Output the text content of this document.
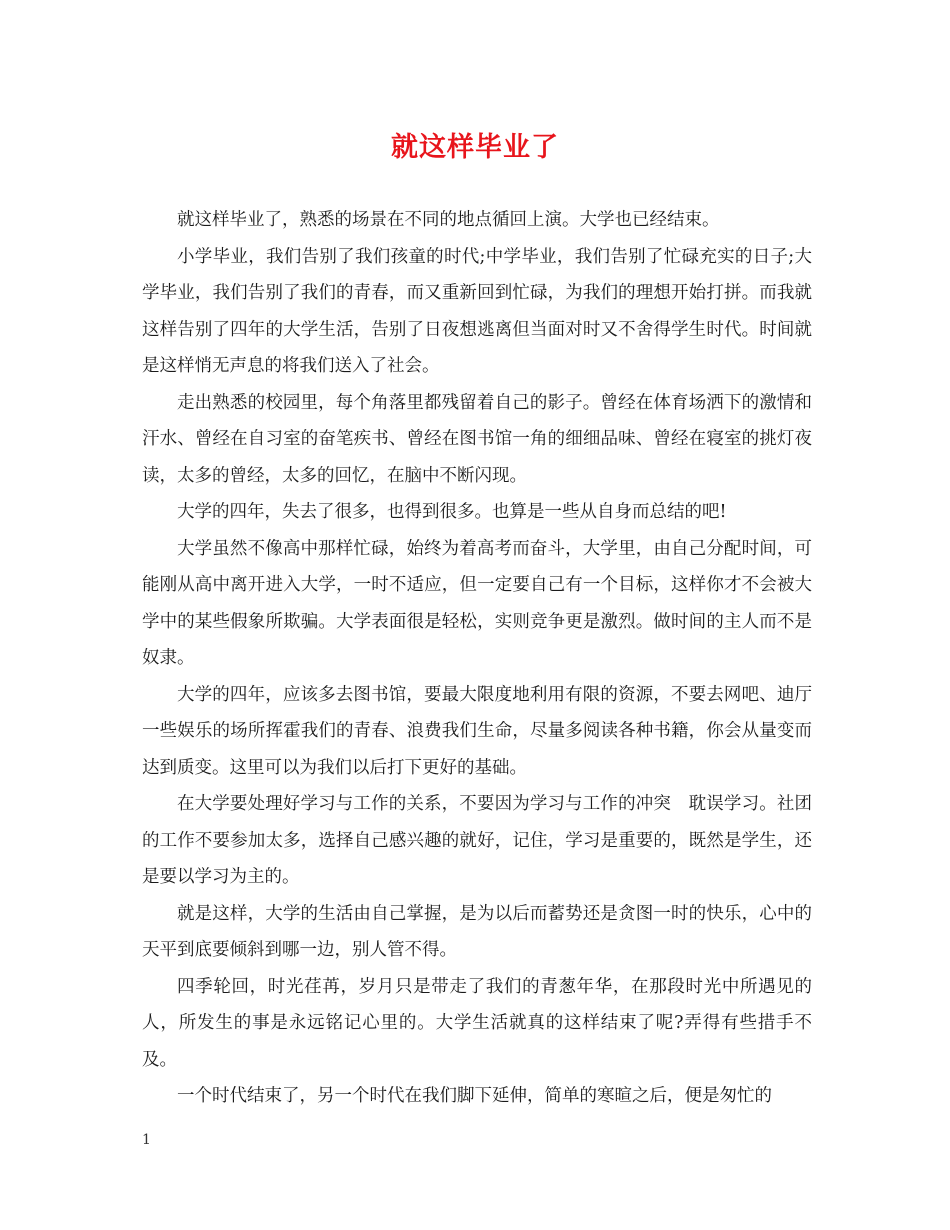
就这样毕业了

就这样毕业了，熟悉的场景在不同的地点循回上演。大学也已经结束。

小学毕业，我们告别了我们孩童的时代;中学毕业，我们告别了忙碌充实的日子;大学毕业，我们告别了我们的青春，而又重新回到忙碌，为我们的理想开始打拼。而我就这样告别了四年的大学生活，告别了日夜想逃离但当面对时又不舍得学生时代。时间就是这样悄无声息的将我们送入了社会。

走出熟悉的校园里，每个角落里都残留着自己的影子。曾经在体育场洒下的激情和汗水、曾经在自习室的奋笔疾书、曾经在图书馆一角的细细品味、曾经在寝室的挑灯夜读，太多的曾经，太多的回忆，在脑中不断闪现。

大学的四年，失去了很多，也得到很多。也算是一些从自身而总结的吧!

大学虽然不像高中那样忙碌，始终为着高考而奋斗，大学里，由自己分配时间，可能刚从高中离开进入大学，一时不适应，但一定要自己有一个目标，这样你才不会被大学中的某些假象所欺骗。大学表面很是轻松，实则竞争更是激烈。做时间的主人而不是奴隶。

大学的四年，应该多去图书馆，要最大限度地利用有限的资源，不要去网吧、迪厅一些娱乐的场所挥霍我们的青春、浪费我们生命，尽量多阅读各种书籍，你会从量变而达到质变。这里可以为我们以后打下更好的基础。

在大学要处理好学习与工作的关系，不要因为学习与工作的冲突　耽误学习。社团的工作不要参加太多，选择自己感兴趣的就好，记住，学习是重要的，既然是学生，还是要以学习为主的。

就是这样，大学的生活由自己掌握，是为以后而蓄势还是贪图一时的快乐，心中的天平到底要倾斜到哪一边，别人管不得。

四季轮回，时光荏苒，岁月只是带走了我们的青葱年华，在那段时光中所遇见的人，所发生的事是永远铭记心里的。大学生活就真的这样结束了呢?弄得有些措手不及。

一个时代结束了，另一个时代在我们脚下延伸，简单的寒暄之后，便是匆忙的

1
